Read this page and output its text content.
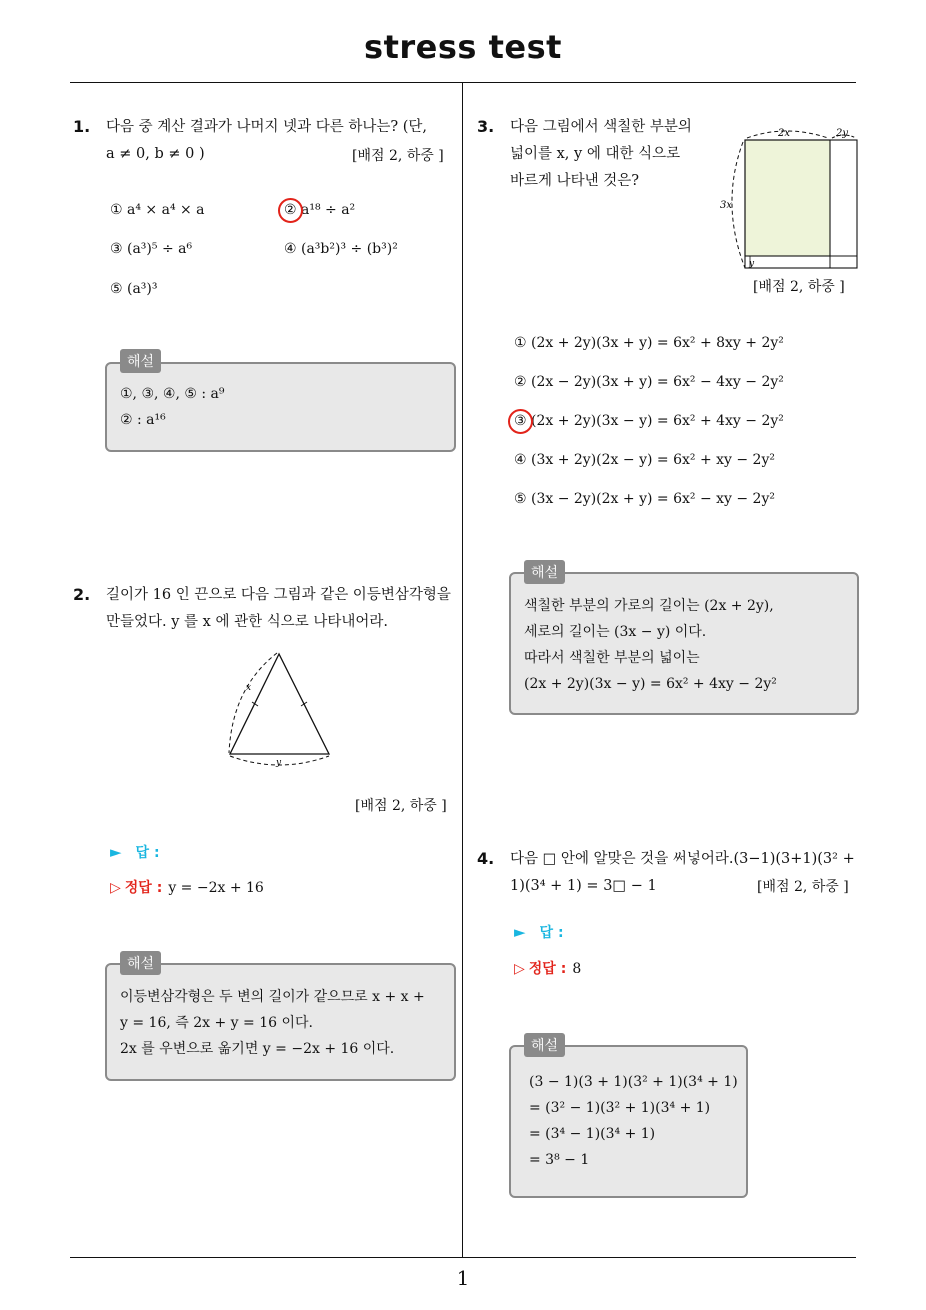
stress test
1
1. 다음 중 계산 결과가 나머지 넷과 다른 하나는? (단,
a ≠ 0, b ≠ 0 )	[배점 2, 하중 ]
① a⁴ × a⁴ × a	② a¹⁸ ÷ a²
③ (a³)⁵ ÷ a⁶	④ (a³b²)³ ÷ (b³)²
⑤ (a³)³
①, ③, ④, ⑤ : a⁹
② : a¹⁶
해설
2. 길이가 16 인 끈으로 다음 그림과 같은 이등변삼각형을
만들었다. y 를 x 에 관한 식으로 나타내어라.
x
y
[배점 2, 하중 ]
► 답 :
▷ 정답 : y = −2x + 16
이등변삼각형은 두 변의 길이가 같으므로 x + x +
y = 16, 즉 2x + y = 16 이다.
2x 를 우변으로 옮기면 y = −2x + 16 이다.
해설
3. 다음 그림에서 색칠한 부분의
넓이를 x, y 에 대한 식으로
바르게 나타낸 것은?
2x	2y
3x
y
[배점 2, 하중 ]
① (2x + 2y)(3x + y) = 6x² + 8xy + 2y²
② (2x − 2y)(3x + y) = 6x² − 4xy − 2y²
③ (2x + 2y)(3x − y) = 6x² + 4xy − 2y²
④ (3x + 2y)(2x − y) = 6x² + xy − 2y²
⑤ (3x − 2y)(2x + y) = 6x² − xy − 2y²
색칠한 부분의 가로의 길이는 (2x + 2y),
세로의 길이는 (3x − y) 이다.
따라서 색칠한 부분의 넓이는
(2x + 2y)(3x − y) = 6x² + 4xy − 2y²
해설
4. 다음 □ 안에 알맞은 것을 써넣어라.(3−1)(3+1)(3² +
1)(3⁴ + 1) = 3□ − 1	[배점 2, 하중 ]
► 답 :
▷ 정답 : 8
(3 − 1)(3 + 1)(3² + 1)(3⁴ + 1)
= (3² − 1)(3² + 1)(3⁴ + 1)
= (3⁴ − 1)(3⁴ + 1)
= 3⁸ − 1
해설
